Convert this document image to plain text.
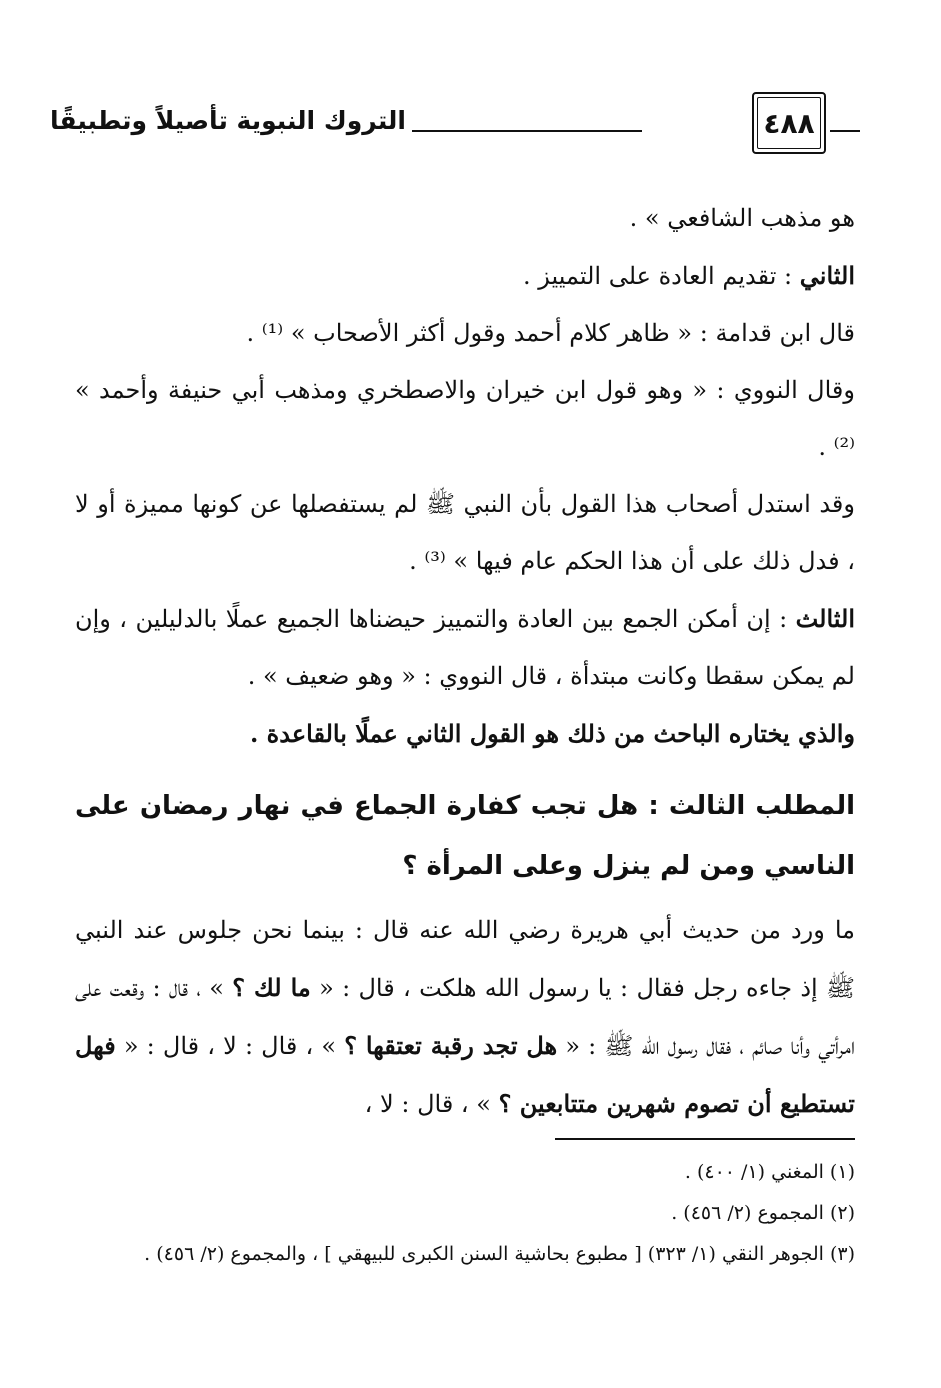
٤٨٨
التروك النبوية تأصيلاً وتطبيقًا

هو مذهب الشافعي » .

الثاني : تقديم العادة على التمييز .

قال ابن قدامة : « ظاهر كلام أحمد وقول أكثر الأصحاب » ⁽¹⁾ .

وقال النووي : « وهو قول ابن خيران والاصطخري ومذهب أبي حنيفة وأحمد » ⁽²⁾ .

وقد استدل أصحاب هذا القول بأن النبي ﷺ لم يستفصلها عن كونها مميزة أو لا ، فدل ذلك على أن هذا الحكم عام فيها » ⁽³⁾ .

الثالث : إن أمكن الجمع بين العادة والتمييز حيضناها الجميع عملًا بالدليلين ، وإن لم يمكن سقطا وكانت مبتدأة ، قال النووي : « وهو ضعيف » .

والذي يختاره الباحث من ذلك هو القول الثاني عملًا بالقاعدة .

المطلب الثالث : هل تجب كفارة الجماع في نهار رمضان على الناسي ومن لم ينزل وعلى المرأة ؟

ما ورد من حديث أبي هريرة رضي الله عنه قال : بينما نحن جلوس عند النبي ﷺ إذ جاءه رجل فقال : يا رسول الله هلكت ، قال : « ما لك ؟ » ، قال : وقعت على امرأتي وأنا صائم ، فقال رسول الله ﷺ : « هل تجد رقبة تعتقها ؟ » ، قال : لا ، قال : « فهل تستطيع أن تصوم شهرين متتابعين ؟ » ، قال : لا ،

(١) المغني (١/ ٤٠٠) .

(٢) المجموع (٢/ ٤٥٦) .

(٣) الجوهر النقي (١/ ٣٢٣) [ مطبوع بحاشية السنن الكبرى للبيهقي ] ، والمجموع (٢/ ٤٥٦) .
